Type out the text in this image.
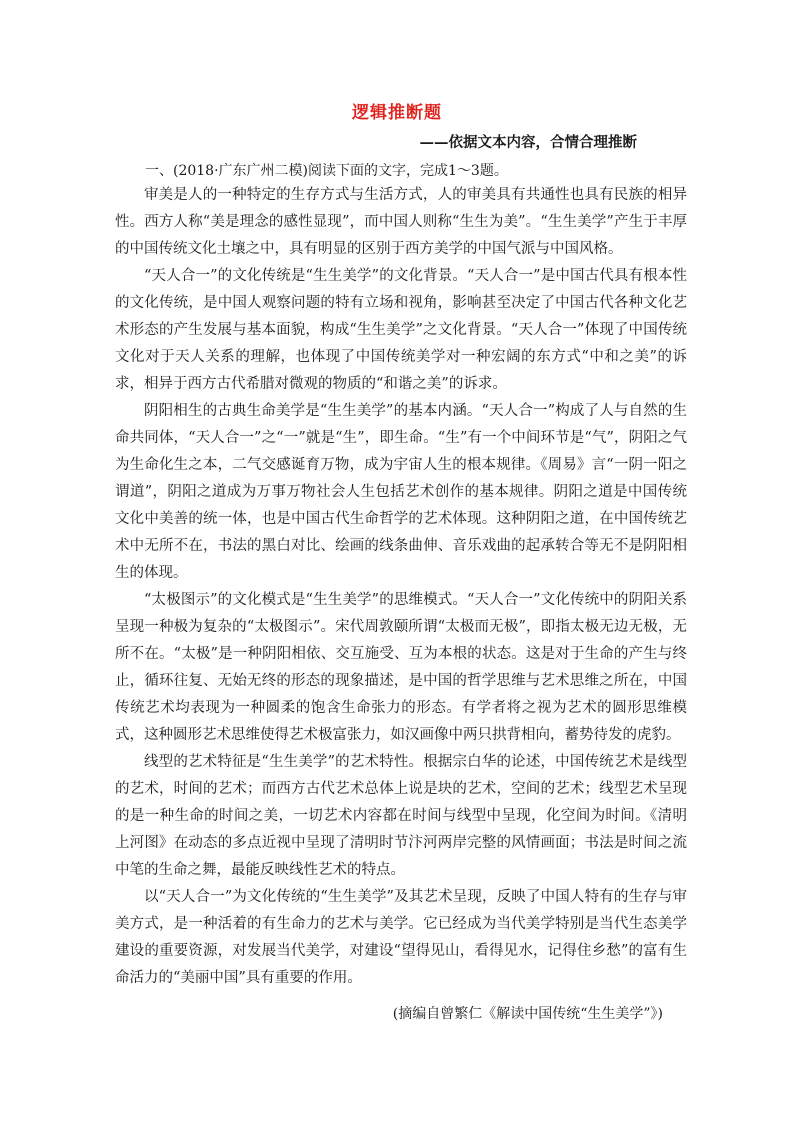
逻辑推断题
——依据文本内容，合情合理推断
一、(2018·广东广州二模)阅读下面的文字，完成1～3题。

审美是人的一种特定的生存方式与生活方式，人的审美具有共通性也具有民族的相异性。西方人称“美是理念的感性显现”，而中国人则称“生生为美”。“生生美学”产生于丰厚的中国传统文化土壤之中，具有明显的区别于西方美学的中国气派与中国风格。

“天人合一”的文化传统是“生生美学”的文化背景。“天人合一”是中国古代具有根本性的文化传统，是中国人观察问题的特有立场和视角，影响甚至决定了中国古代各种文化艺术形态的产生发展与基本面貌，构成“生生美学”之文化背景。“天人合一”体现了中国传统文化对于天人关系的理解，也体现了中国传统美学对一种宏阔的东方式“中和之美”的诉求，相异于西方古代希腊对微观的物质的“和谐之美”的诉求。

阴阳相生的古典生命美学是“生生美学”的基本内涵。“天人合一”构成了人与自然的生命共同体，“天人合一”之“一”就是“生”，即生命。“生”有一个中间环节是“气”，阴阳之气为生命化生之本，二气交感诞育万物，成为宇宙人生的根本规律。《周易》言“一阴一阳之谓道”，阴阳之道成为万事万物社会人生包括艺术创作的基本规律。阴阳之道是中国传统文化中美善的统一体，也是中国古代生命哲学的艺术体现。这种阴阳之道，在中国传统艺术中无所不在，书法的黑白对比、绘画的线条曲伸、音乐戏曲的起承转合等无不是阴阳相生的体现。

“太极图示”的文化模式是“生生美学”的思维模式。“天人合一”文化传统中的阴阳关系呈现一种极为复杂的“太极图示”。宋代周敦颐所谓“太极而无极”，即指太极无边无极，无所不在。“太极”是一种阴阳相依、交互施受、互为本根的状态。这是对于生命的产生与终止，循环往复、无始无终的形态的现象描述，是中国的哲学思维与艺术思维之所在，中国传统艺术均表现为一种圆柔的饱含生命张力的形态。有学者将之视为艺术的圆形思维模式，这种圆形艺术思维使得艺术极富张力，如汉画像中两只拱背相向，蓄势待发的虎豹。

线型的艺术特征是“生生美学”的艺术特性。根据宗白华的论述，中国传统艺术是线型的艺术，时间的艺术；而西方古代艺术总体上说是块的艺术，空间的艺术；线型艺术呈现的是一种生命的时间之美，一切艺术内容都在时间与线型中呈现，化空间为时间。《清明上河图》在动态的多点近视中呈现了清明时节汴河两岸完整的风情画面；书法是时间之流中笔的生命之舞，最能反映线性艺术的特点。

以“天人合一”为文化传统的“生生美学”及其艺术呈现，反映了中国人特有的生存与审美方式，是一种活着的有生命力的艺术与美学。它已经成为当代美学特别是当代生态美学建设的重要资源，对发展当代美学，对建设“望得见山，看得见水，记得住乡愁”的富有生命活力的“美丽中国”具有重要的作用。

(摘编自曾繁仁《解读中国传统“生生美学”》)
